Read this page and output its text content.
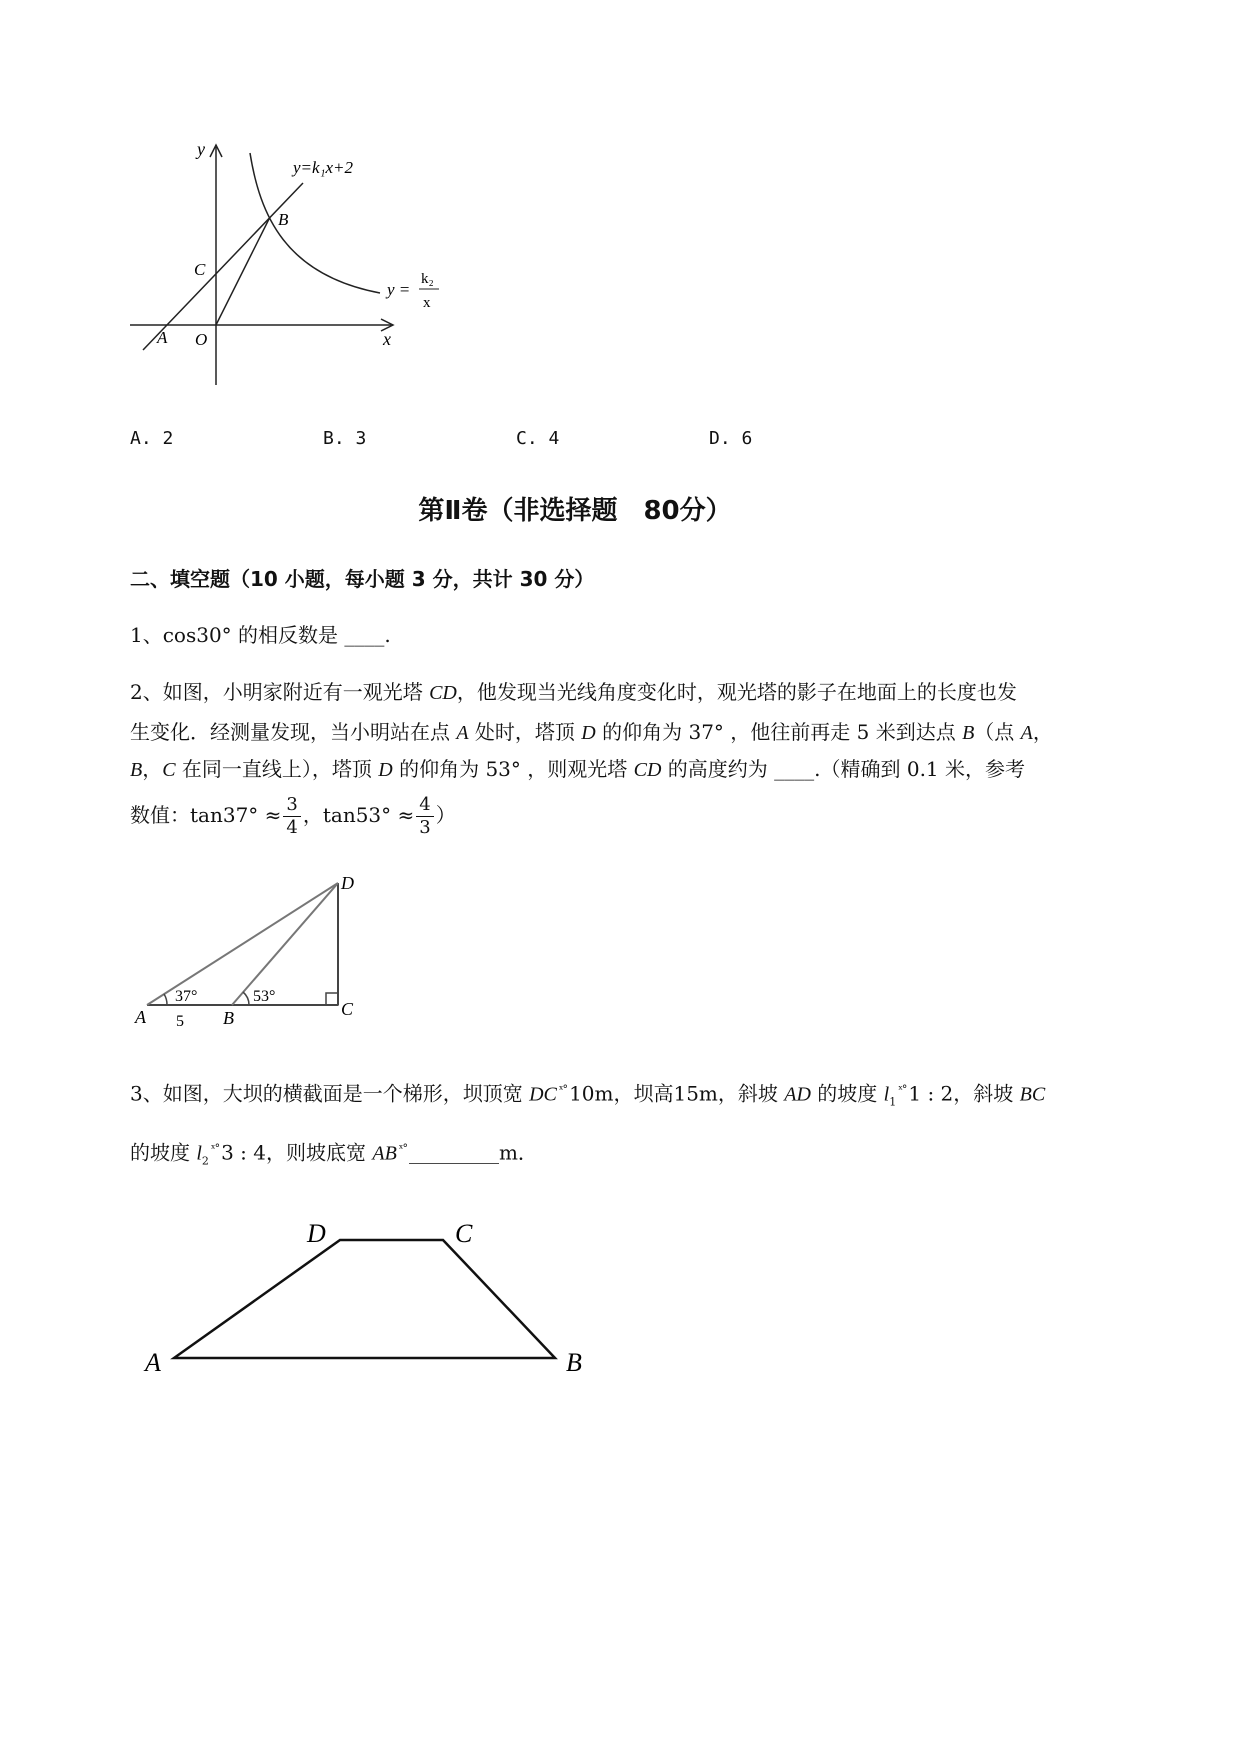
y
x
y=k₁x+2
y =
k₂
x
A O
B
C
A. 2	B. 3	C. 4	D. 6
第Ⅱ卷（非选择题　80分）
二、填空题（10 小题，每小题 3 分，共计 30 分）
1、cos30° 的相反数是 ____.
2、如图，小明家附近有一观光塔 CD，他发现当光线角度变化时，观光塔的影子在地面上的长度也发
生变化．经测量发现，当小明站在点 A 处时，塔顶 D 的仰角为 37° ，他往前再走 5 米到达点 B（点 A，
B，C 在同一直线上），塔顶 D 的仰角为 53° ，则观光塔 CD 的高度约为 ____.（精确到 0.1 米，参考
数值：$\tan 37^\circ \approx \frac{3}{4}$ ，$\tan 53^\circ \approx \frac{4}{3}$ ）
D
A	B	C
37°	53°
5
3、如图，大坝的横截面是一个梯形，坝顶宽 DC $^{ˣ^\circ}$ 10m，坝高15m，斜坡 AD 的坡度 $l_1^{ˣ^\circ}$ 1 : 2，斜坡 BC
的坡度 $l_2^{ˣ^\circ}$ 3 : 4，则坡底宽 AB $^{ˣ^\circ}$ _________m．
D	C
A	B
